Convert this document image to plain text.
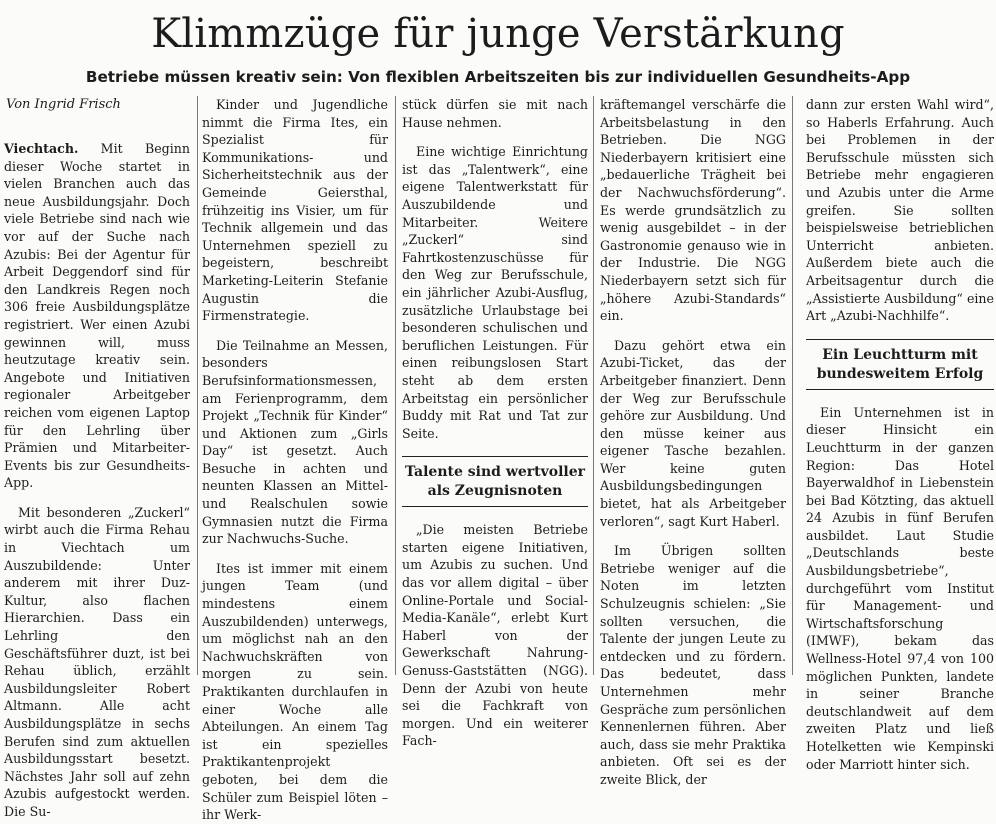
Klimmzüge für junge Verstärkung
Betriebe müssen kreativ sein: Von flexiblen Arbeitszeiten bis zur individuellen Gesundheits-App
Von Ingrid Frisch

Viechtach. Mit Beginn dieser Woche startet in vielen Branchen auch das neue Ausbildungsjahr. Doch viele Betriebe sind nach wie vor auf der Suche nach Azubis: Bei der Agentur für Arbeit Deggendorf sind für den Landkreis Regen noch 306 freie Ausbildungsplätze registriert. Wer einen Azubi gewinnen will, muss heutzutage kreativ sein. Angebote und Initiativen regionaler Arbeitgeber reichen vom eigenen Laptop für den Lehrling über Prämien und Mitarbeiter-Events bis zur Gesundheits-App.

Mit besonderen „Zuckerl“ wirbt auch die Firma Rehau in Viechtach um Auszubildende: Unter anderem mit ihrer Duz-Kultur, also flachen Hierarchien. Dass ein Lehrling den Geschäftsführer duzt, ist bei Rehau üblich, erzählt Ausbildungsleiter Robert Altmann. Alle acht Ausbildungsplätze in sechs Berufen sind zum aktuellen Ausbildungsstart besetzt. Nächstes Jahr soll auf zehn Azubis aufgestockt werden. Die Su-

Kinder und Jugendliche nimmt die Firma Ites, ein Spezialist für Kommunikations- und Sicherheitstechnik aus der Gemeinde Geiersthal, frühzeitig ins Visier, um für Technik allgemein und das Unternehmen speziell zu begeistern, beschreibt Marketing-Leiterin Stefanie Augustin die Firmenstrategie.

Die Teilnahme an Messen, besonders Berufsinformationsmessen, am Ferienprogramm, dem Projekt „Technik für Kinder“ und Aktionen zum „Girls Day“ ist gesetzt. Auch Besuche in achten und neunten Klassen an Mittel- und Realschulen sowie Gymnasien nutzt die Firma zur Nachwuchs-Suche.

Ites ist immer mit einem jungen Team (und mindestens einem Auszubildenden) unterwegs, um möglichst nah an den Nachwuchskräften von morgen zu sein. Praktikanten durchlaufen in einer Woche alle Abteilungen. An einem Tag ist ein spezielles Praktikantenprojekt geboten, bei dem die Schüler zum Beispiel löten – ihr Werk-

stück dürfen sie mit nach Hause nehmen.

Eine wichtige Einrichtung ist das „Talentwerk“, eine eigene Talentwerkstatt für Auszubildende und Mitarbeiter. Weitere „Zuckerl“ sind Fahrtkostenzuschüsse für den Weg zur Berufsschule, ein jährlicher Azubi-Ausflug, zusätzliche Urlaubstage bei besonderen schulischen und beruflichen Leistungen. Für einen reibungslosen Start steht ab dem ersten Arbeitstag ein persönlicher Buddy mit Rat und Tat zur Seite.

Talente sind wertvoller als Zeugnisnoten

„Die meisten Betriebe starten eigene Initiativen, um Azubis zu suchen. Und das vor allem digital – über Online-Portale und Social-Media-Kanäle“, erlebt Kurt Haberl von der Gewerkschaft Nahrung-Genuss-Gaststätten (NGG). Denn der Azubi von heute sei die Fachkraft von morgen. Und ein weiterer Fach-

kräftemangel verschärfe die Arbeitsbelastung in den Betrieben. Die NGG Niederbayern kritisiert eine „bedauerliche Trägheit bei der Nachwuchsförderung“. Es werde grundsätzlich zu wenig ausgebildet – in der Gastronomie genauso wie in der Industrie. Die NGG Niederbayern setzt sich für „höhere Azubi-Standards“ ein.

Dazu gehört etwa ein Azubi-Ticket, das der Arbeitgeber finanziert. Denn der Weg zur Berufsschule gehöre zur Ausbildung. Und den müsse keiner aus eigener Tasche bezahlen. Wer keine guten Ausbildungsbedingungen bietet, hat als Arbeitgeber verloren“, sagt Kurt Haberl.

Im Übrigen sollten Betriebe weniger auf die Noten im letzten Schulzeugnis schielen: „Sie sollten versuchen, die Talente der jungen Leute zu entdecken und zu fördern. Das bedeutet, dass Unternehmen mehr Gespräche zum persönlichen Kennenlernen führen. Aber auch, dass sie mehr Praktika anbieten. Oft sei es der zweite Blick, der

dann zur ersten Wahl wird“, so Haberls Erfahrung. Auch bei Problemen in der Berufsschule müssten sich Betriebe mehr engagieren und Azubis unter die Arme greifen. Sie sollten beispielsweise betrieblichen Unterricht anbieten. Außerdem biete auch die Arbeitsagentur durch die „Assistierte Ausbildung“ eine Art „Azubi-Nachhilfe“.

Ein Leuchtturm mit bundesweitem Erfolg

Ein Unternehmen ist in dieser Hinsicht ein Leuchtturm in der ganzen Region: Das Hotel Bayerwaldhof in Liebenstein bei Bad Kötzting, das aktuell 24 Azubis in fünf Berufen ausbildet. Laut Studie „Deutschlands beste Ausbildungsbetriebe“, durchgeführt vom Institut für Management- und Wirtschaftsforschung (IMWF), bekam das Wellness-Hotel 97,4 von 100 möglichen Punkten, landete in seiner Branche deutschlandweit auf dem zweiten Platz und ließ Hotelketten wie Kempinski oder Marriott hinter sich.
